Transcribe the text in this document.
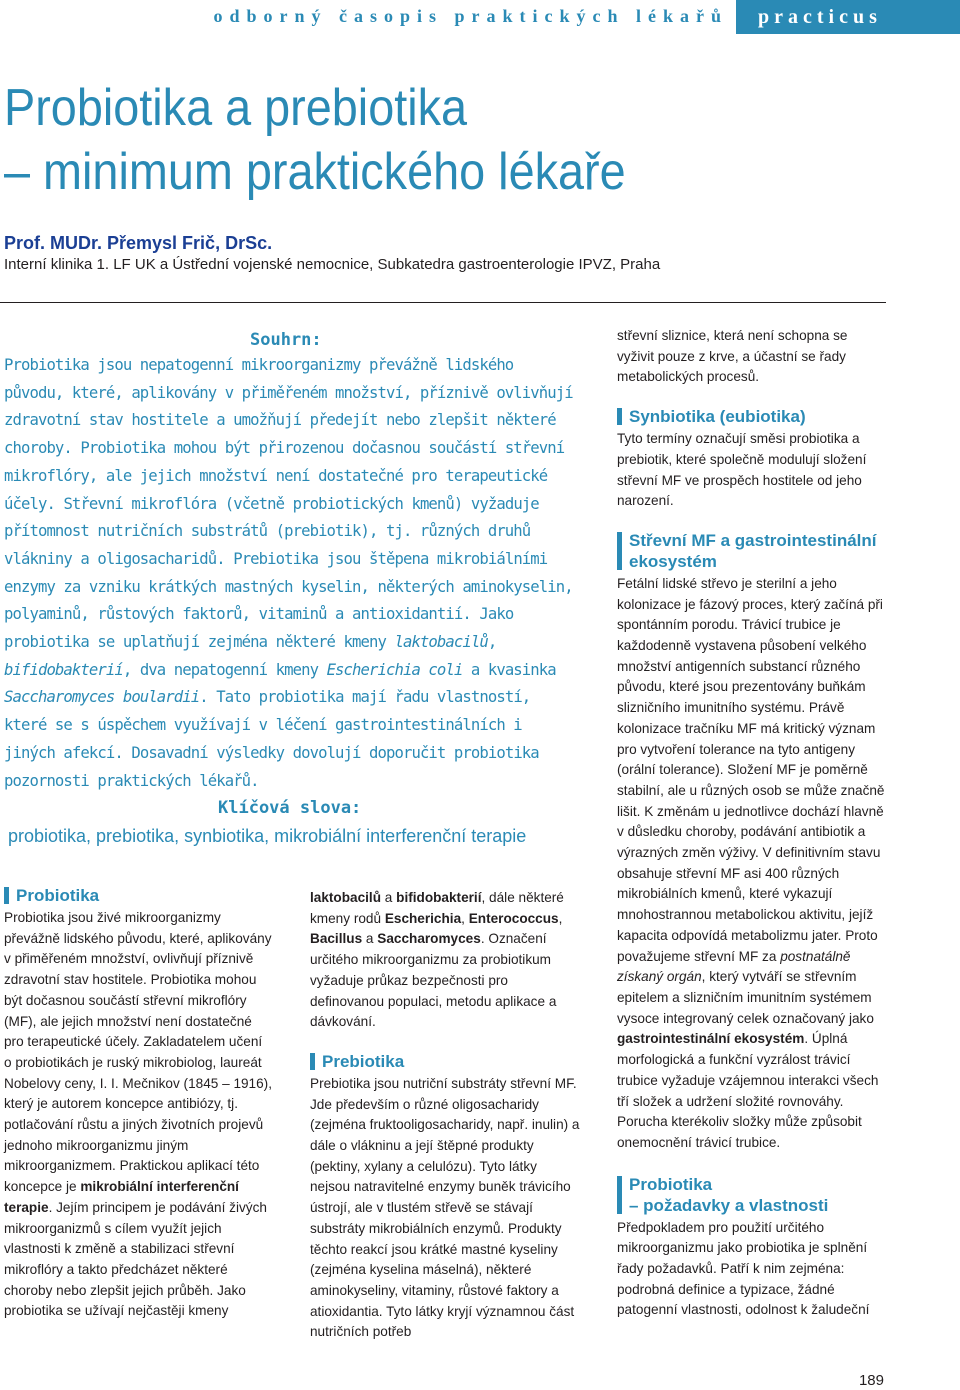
odborný časopis praktických lékařů	practicus
Probiotika a prebiotika
– minimum praktického lékaře
Prof. MUDr. Přemysl Frič, DrSc.
Interní klinika 1. LF UK a Ústřední vojenské nemocnice, Subkatedra gastroenterologie IPVZ, Praha
Souhrn:
Probiotika jsou nepatogenní mikroorganizmy převážně lidského původu, které, aplikovány v přiměřeném množství, příznivě ovlivňují zdravotní stav hostitele a umožňují předejít nebo zlepšit některé choroby. Probiotika mohou být přirozenou dočasnou součástí střevní mikroflóry, ale jejich množství není dostatečné pro terapeutické účely. Střevní mikroflóra (včetně probiotických kmenů) vyžaduje přítomnost nutričních substrátů (prebiotik), tj. různých druhů vlákniny a oligosacharidů. Prebiotika jsou štěpena mikrobiálními enzymy za vzniku krátkých mastných kyselin, některých aminokyselin, polyaminů, růstových faktorů, vitaminů a antioxidantií. Jako probiotika se uplatňují zejména některé kmeny laktobacilů, bifidobakterií, dva nepatogenní kmeny Escherichia coli a kvasinka Saccharomyces boulardii. Tato probiotika mají řadu vlastností, které se s úspěchem využívají v léčení gastrointestinálních i jiných afekcí. Dosavadní výsledky dovolují doporučit probiotika pozornosti praktických lékařů.
Klíčová slova:
probiotika, prebiotika, synbiotika, mikrobiální interferenční terapie
Probiotika

Probiotika jsou živé mikroorganizmy převážně lidského původu, které, aplikovány v přiměřeném množství, ovlivňují příznivě zdravotní stav hostitele. Probiotika mohou být dočasnou součástí střevní mikroflóry (MF), ale jejich množství není dostatečné pro terapeutické účely. Zakladatelem učení o probiotikách je ruský mikrobiolog, laureát Nobelovy ceny, I. I. Mečnikov (1845 – 1916), který je autorem koncepce antibiózy, tj. potlačování růstu a jiných životních projevů jednoho mikroorganizmu jiným mikroorganizmem. Praktickou aplikací této koncepce je mikrobiální interferenční terapie. Jejím principem je podávání živých mikroorganizmů s cílem využít jejich vlastnosti k změně a stabilizaci střevní mikroflóry a takto předcházet některé choroby nebo zlepšit jejich průběh. Jako probiotika se užívají nejčastěji kmeny

laktobacilů a bifidobakterií, dále některé kmeny rodů Escherichia, Enterococcus, Bacillus a Saccharomyces. Označení určitého mikroorganizmu za probiotikum vyžaduje průkaz bezpečnosti pro definovanou populaci, metodu aplikace a dávkování.

Prebiotika

Prebiotika jsou nutriční substráty střevní MF. Jde především o různé oligosacharidy (zejména fruktooligosacharidy, např. inulin) a dále o vlákninu a její štěpné produkty (pektiny, xylany a celulózu). Tyto látky nejsou natravitelné enzymy buněk trávicího ústrojí, ale v tlustém střevě se stávají substráty mikrobiálních enzymů. Produkty těchto reakcí jsou krátké mastné kyseliny (zejména kyselina máselná), některé aminokyseliny, vitaminy, růstové faktory a atioxidantia. Tyto látky kryjí významnou část nutričních potřeb

střevní sliznice, která není schopna se vyživit pouze z krve, a účastní se řady metabolických procesů.

Synbiotika (eubiotika)

Tyto termíny označují směsi probiotika a prebiotik, které společně modulují složení střevní MF ve prospěch hostitele od jeho narození.

Střevní MF a gastrointestinální
ekosystém

Fetální lidské střevo je sterilní a jeho kolonizace je fázový proces, který začíná při spontánním porodu. Trávicí trubice je každodenně vystavena působení velkého množství antigenních substancí různého původu, které jsou prezentovány buňkám slizničního imunitního systému. Právě kolonizace tračníku MF má kritický význam pro vytvoření tolerance na tyto antigeny (orální tolerance). Složení MF je poměrně stabilní, ale u různých osob se může značně lišit. K změnám u jednotlivce dochází hlavně v důsledku choroby, podávání antibiotik a výrazných změn výživy. V definitivním stavu obsahuje střevní MF asi 400 různých mikrobiálních kmenů, které vykazují mnohostrannou metabolickou aktivitu, jejíž kapacita odpovídá metabolizmu jater. Proto považujeme střevní MF za postnatálně získaný orgán, který vytváří se střevním epitelem a slizničním imunitním systémem vysoce integrovaný celek označovaný jako gastrointestinální ekosystém. Úplná morfologická a funkční vyzrálost trávicí trubice vyžaduje vzájemnou interakci všech tří složek a udržení složité rovnováhy. Porucha kterékoliv složky může způsobit onemocnění trávicí trubice.

Probiotika
– požadavky a vlastnosti

Předpokladem pro použití určitého mikroorganizmu jako probiotika je splnění řady požadavků. Patří k nim zejména: podrobná definice a typizace, žádné patogenní vlastnosti, odolnost k žaludeční

189
